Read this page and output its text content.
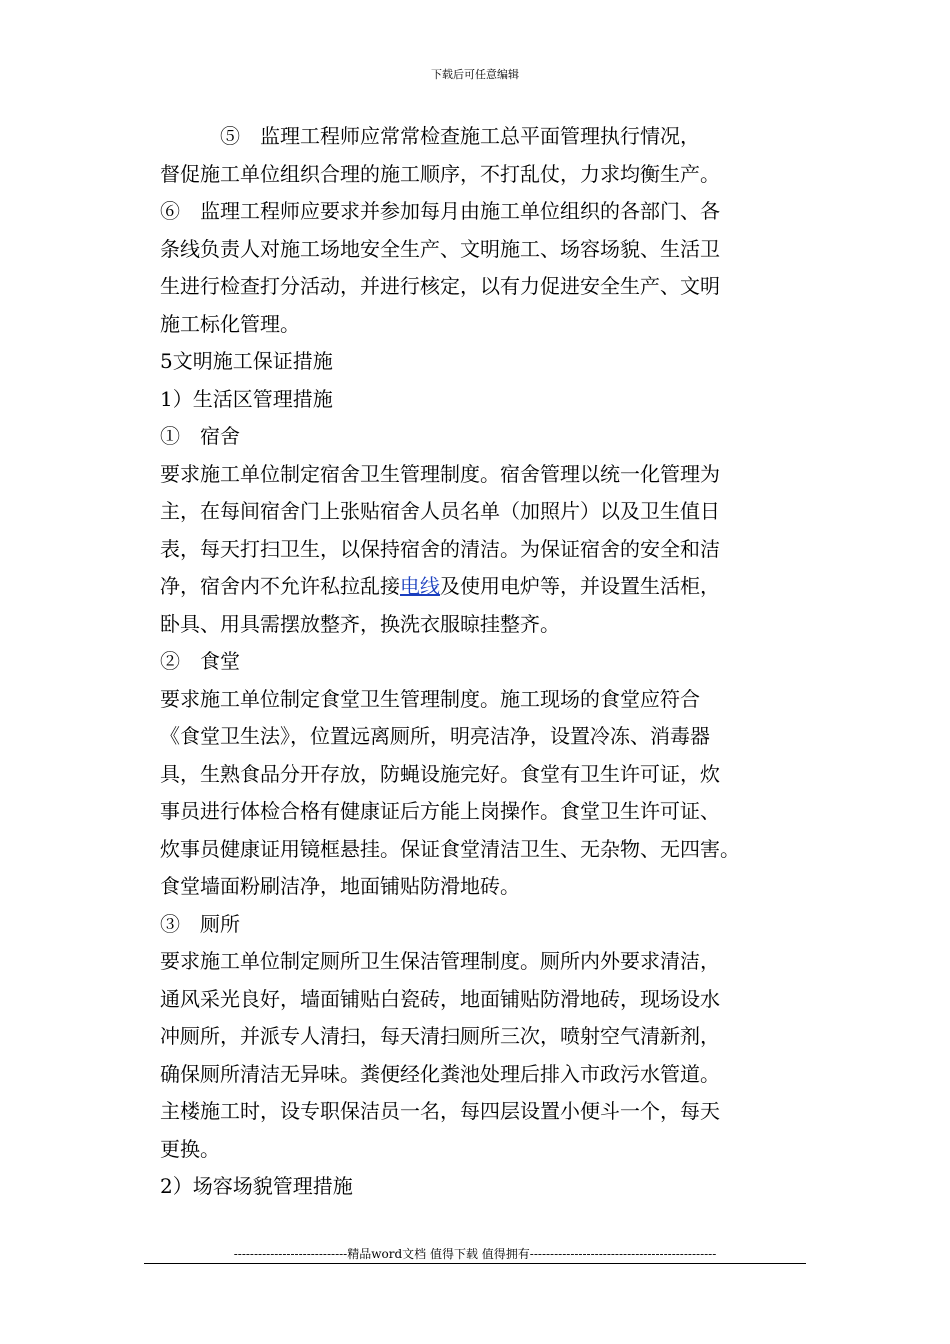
下载后可任意编辑
　　　⑤　监理工程师应常常检查施工总平面管理执行情况，
督促施工单位组织合理的施工顺序，不打乱仗，力求均衡生产。
⑥　监理工程师应要求并参加每月由施工单位组织的各部门、各
条线负责人对施工场地安全生产、文明施工、场容场貌、生活卫
生进行检查打分活动，并进行核定，以有力促进安全生产、文明
施工标化管理。
5文明施工保证措施
1）生活区管理措施
①　宿舍
要求施工单位制定宿舍卫生管理制度。宿舍管理以统一化管理为
主，在每间宿舍门上张贴宿舍人员名单（加照片）以及卫生值日
表，每天打扫卫生，以保持宿舍的清洁。为保证宿舍的安全和洁
净，宿舍内不允许私拉乱接电线及使用电炉等，并设置生活柜，
卧具、用具需摆放整齐，换洗衣服晾挂整齐。
②　食堂
要求施工单位制定食堂卫生管理制度。施工现场的食堂应符合
《食堂卫生法》，位置远离厕所，明亮洁净，设置冷冻、消毒器
具，生熟食品分开存放，防蝇设施完好。食堂有卫生许可证，炊
事员进行体检合格有健康证后方能上岗操作。食堂卫生许可证、
炊事员健康证用镜框悬挂。保证食堂清洁卫生、无杂物、无四害。
食堂墙面粉刷洁净，地面铺贴防滑地砖。
③　厕所
要求施工单位制定厕所卫生保洁管理制度。厕所内外要求清洁，
通风采光良好，墙面铺贴白瓷砖，地面铺贴防滑地砖，现场设水
冲厕所，并派专人清扫，每天清扫厕所三次，喷射空气清新剂，
确保厕所清洁无异味。粪便经化粪池处理后排入市政污水管道。
主楼施工时，设专职保洁员一名，每四层设置小便斗一个，每天
更换。
2）场容场貌管理措施
----------------------------精品word文档 值得下载 值得拥有----------------------------------------------
